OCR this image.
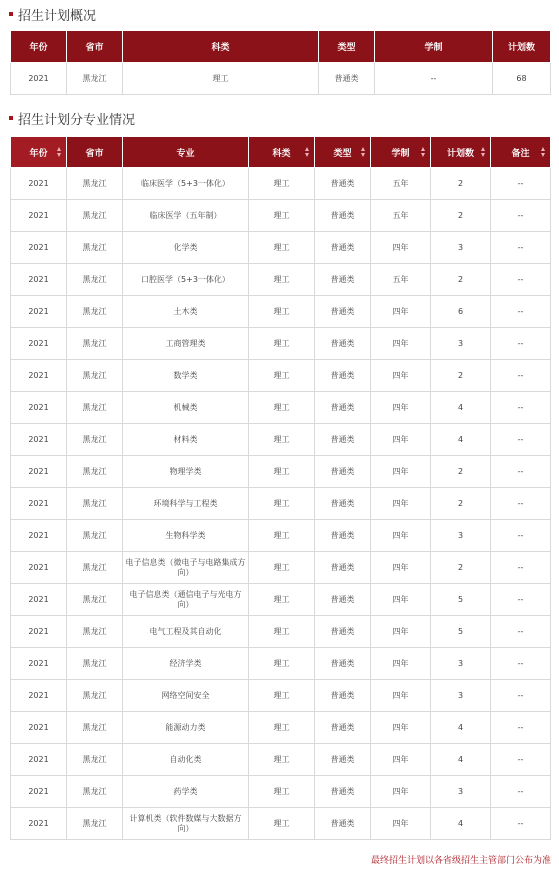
招生计划概况
年份	省市	科类	类型	学制	计划数
2021	黑龙江	理工	普通类	--	68
招生计划分专业情况
年份	省市	专业	科类	类型	学制	计划数	备注

2021	黑龙江	临床医学（5+3一体化）	理工	普通类	五年	2	--
2021	黑龙江	临床医学（五年制）	理工	普通类	五年	2	--
2021	黑龙江	化学类	理工	普通类	四年	3	--
2021	黑龙江	口腔医学（5+3一体化）	理工	普通类	五年	2	--
2021	黑龙江	土木类	理工	普通类	四年	6	--
2021	黑龙江	工商管理类	理工	普通类	四年	3	--
2021	黑龙江	数学类	理工	普通类	四年	2	--
2021	黑龙江	机械类	理工	普通类	四年	4	--
2021	黑龙江	材料类	理工	普通类	四年	4	--
2021	黑龙江	物理学类	理工	普通类	四年	2	--
2021	黑龙江	环境科学与工程类	理工	普通类	四年	2	--
2021	黑龙江	生物科学类	理工	普通类	四年	3	--
2021	黑龙江	电子信息类（微电子与电路集成方向）	理工	普通类	四年	2	--
2021	黑龙江	电子信息类（通信电子与光电方向）	理工	普通类	四年	5	--
2021	黑龙江	电气工程及其自动化	理工	普通类	四年	5	--
2021	黑龙江	经济学类	理工	普通类	四年	3	--
2021	黑龙江	网络空间安全	理工	普通类	四年	3	--
2021	黑龙江	能源动力类	理工	普通类	四年	4	--
2021	黑龙江	自动化类	理工	普通类	四年	4	--
2021	黑龙江	药学类	理工	普通类	四年	3	--
2021	黑龙江	计算机类（软件数媒与大数据方向）	理工	普通类	四年	4	--
最终招生计划以各省级招生主管部门公布为准
